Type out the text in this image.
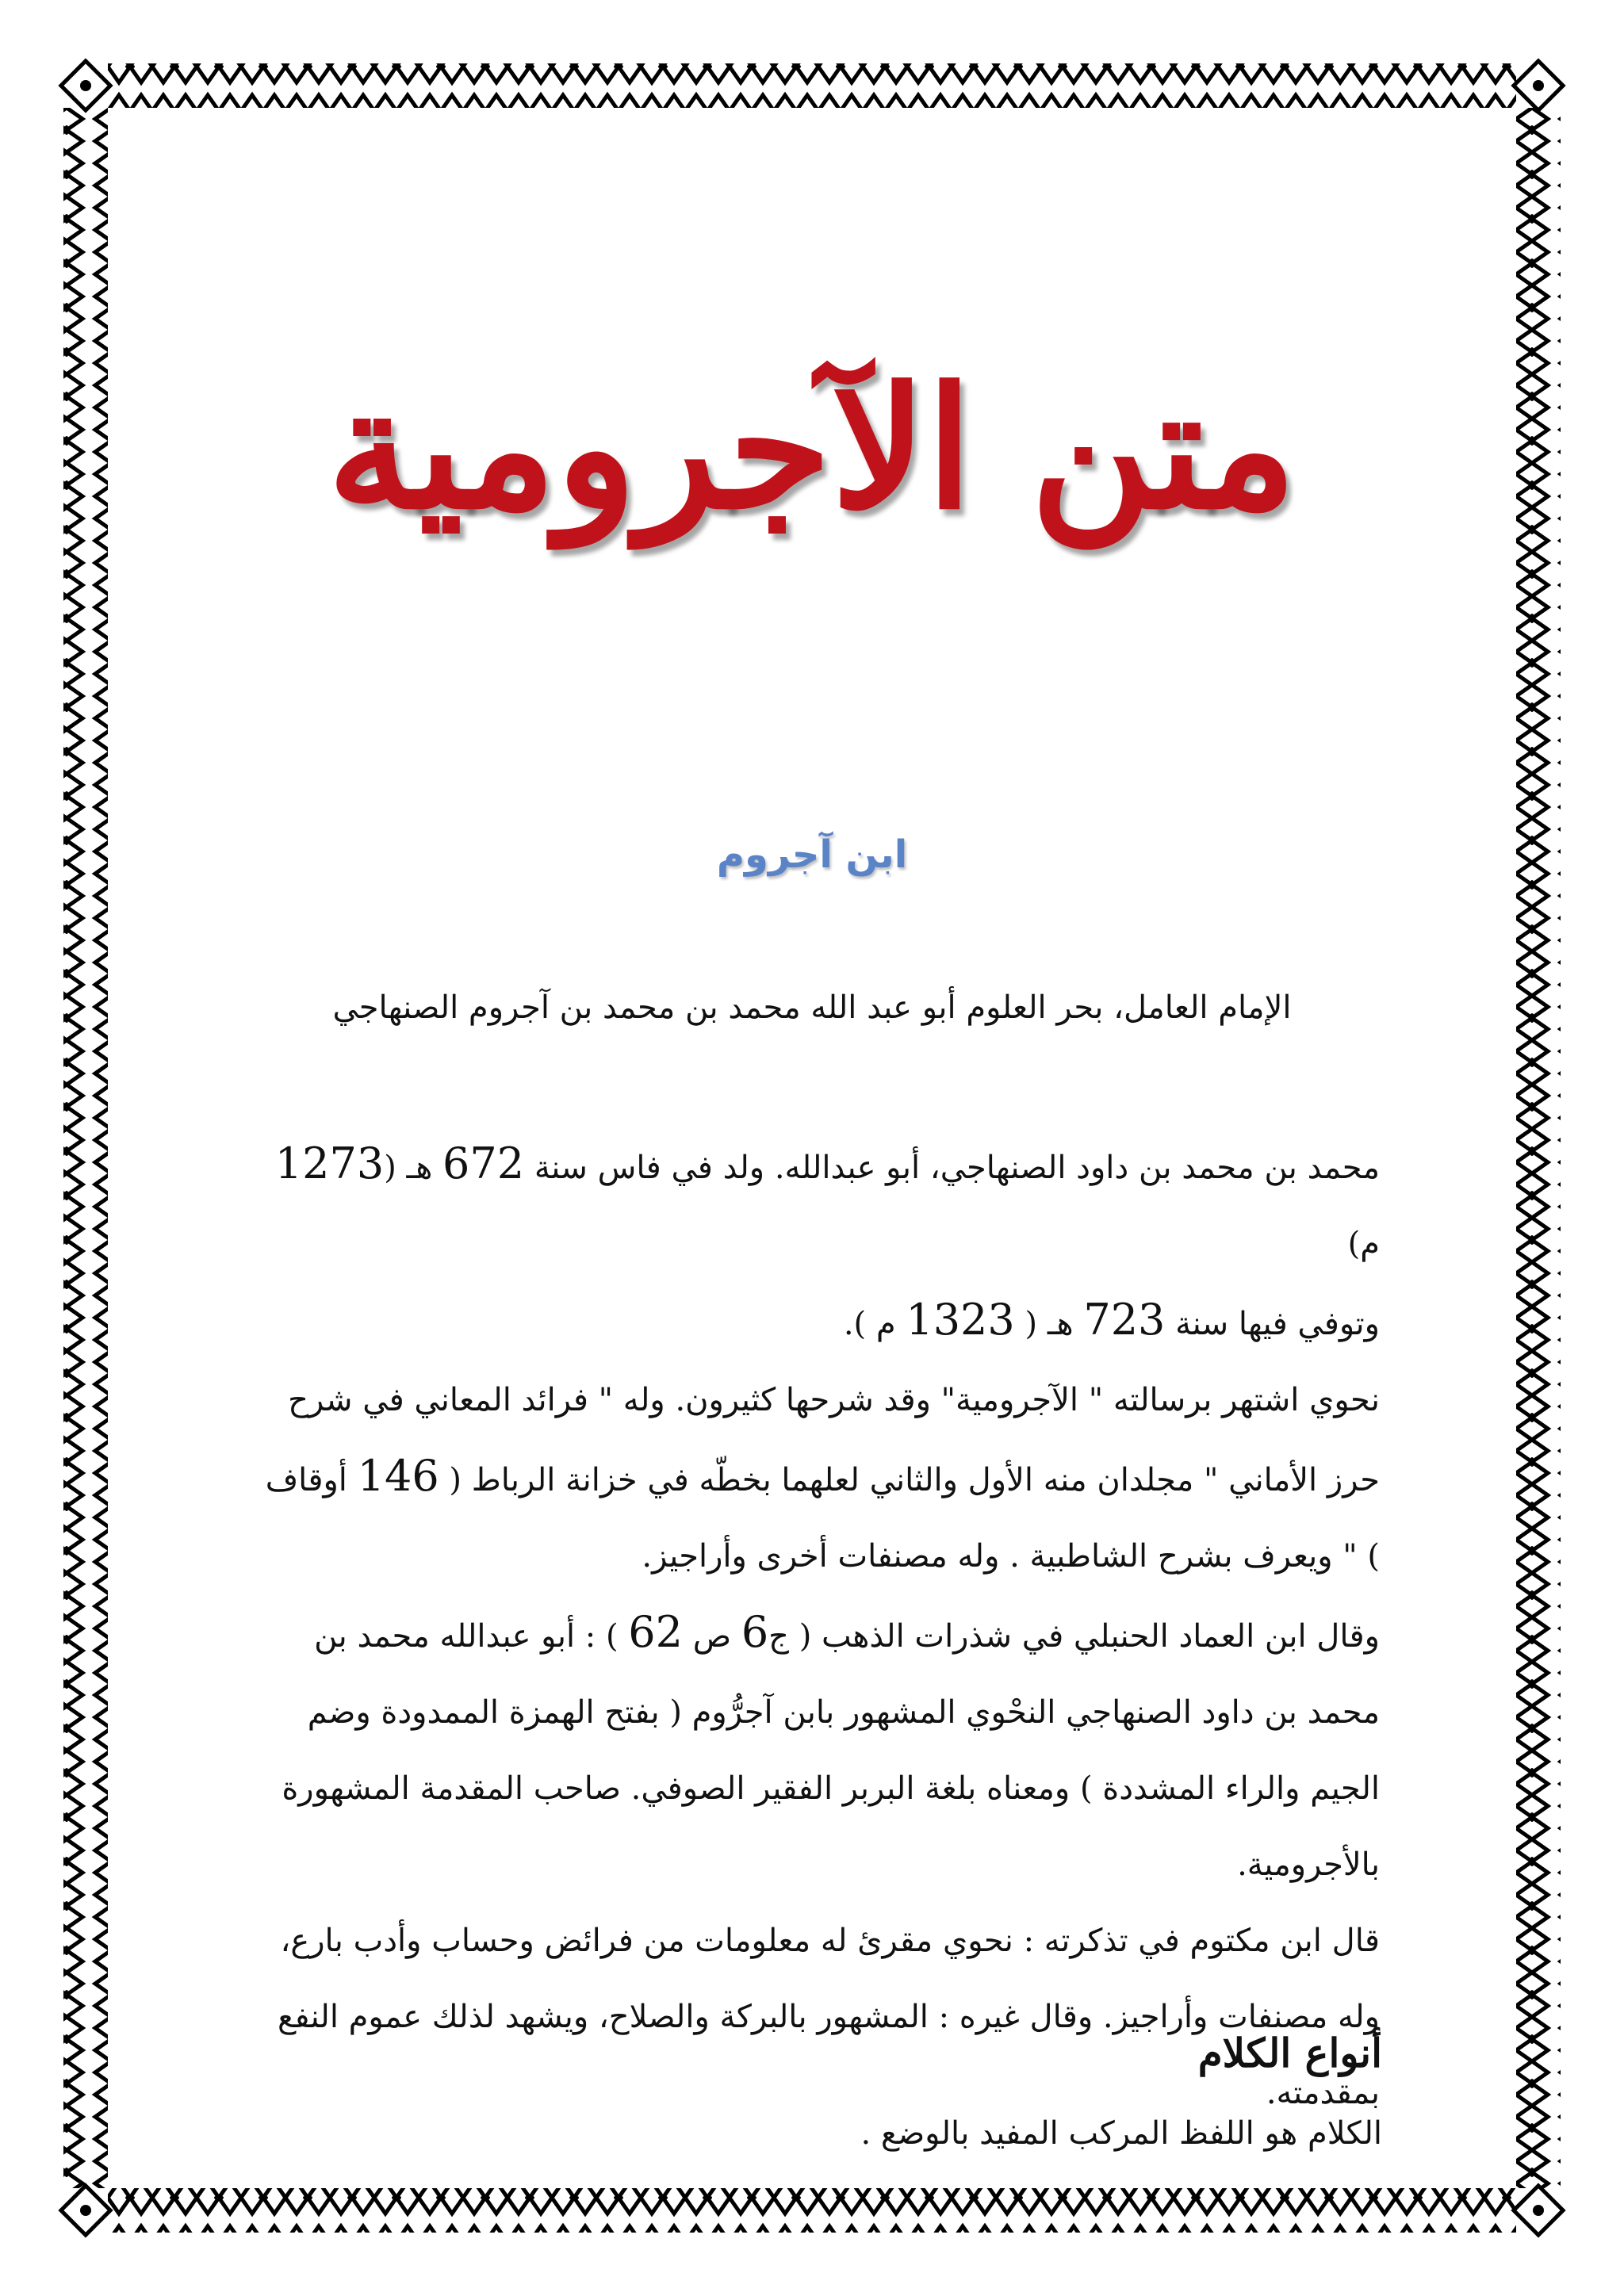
متن الآجرومية
ابن آجروم

الإمام العامل، بحر العلوم أبو عبد الله محمد بن محمد بن آجروم الصنهاجي

محمد بن محمد بن داود الصنهاجي، أبو عبدالله. ولد في فاس سنة 672 هـ (1273 م)
وتوفي فيها سنة 723 هـ ( 1323 م ).

نحوي اشتهر برسالته " الآجرومية" وقد شرحها كثيرون. وله " فرائد المعاني في شرح حرز الأماني " مجلدان منه الأول والثاني لعلهما بخطّه في خزانة الرباط ( 146 أوقاف ) " ويعرف بشرح الشاطبية . وله مصنفات أخرى وأراجيز.

وقال ابن العماد الحنبلي في شذرات الذهب ( ج6 ص 62 ) : أبو عبدالله محمد بن محمد بن داود الصنهاجي النحْوي المشهور بابن آجرُّوم ( بفتح الهمزة الممدودة وضم الجيم والراء المشددة ) ومعناه بلغة البربر الفقير الصوفي. صاحب المقدمة المشهورة بالأجرومية.

قال ابن مكتوم في تذكرته : نحوي مقرئ له معلومات من فرائض وحساب وأدب بارع، وله مصنفات وأراجيز. وقال غيره : المشهور بالبركة والصلاح، ويشهد لذلك عموم النفع بمقدمته.

أنواع الكلام

الكلام هو اللفظ المركب المفيد بالوضع .
